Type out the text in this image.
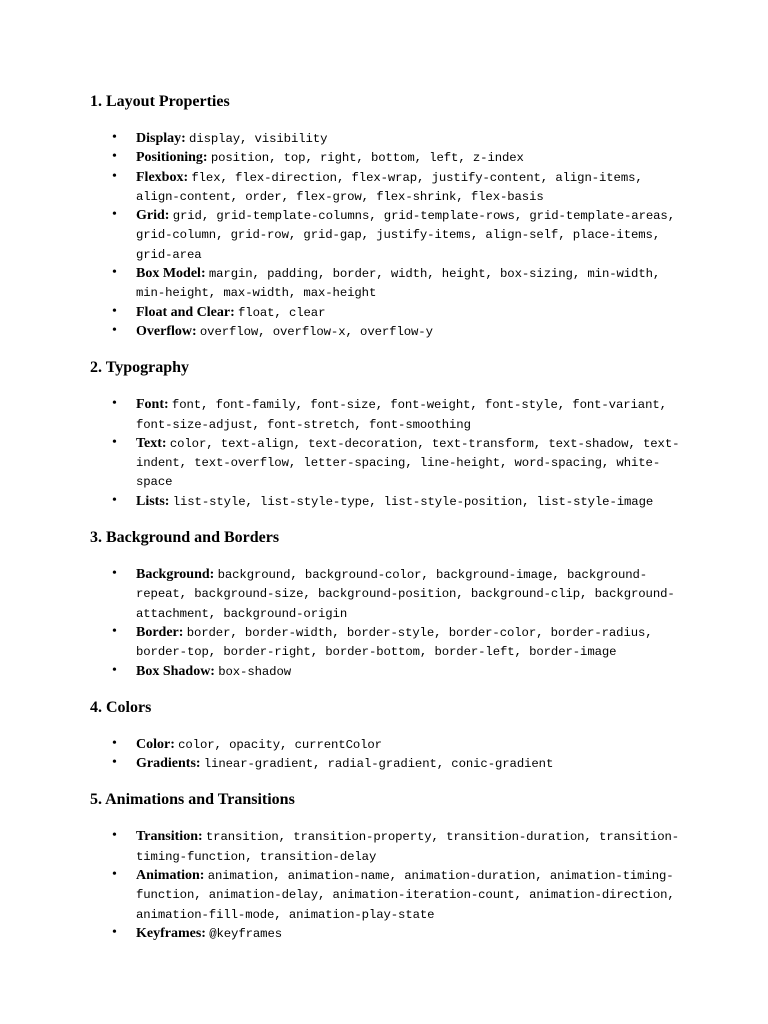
1. Layout Properties
• Display: display, visibility
• Positioning: position, top, right, bottom, left, z-index
• Flexbox: flex, flex-direction, flex-wrap, justify-content, align-items, align-content, order, flex-grow, flex-shrink, flex-basis
• Grid: grid, grid-template-columns, grid-template-rows, grid-template-areas, grid-column, grid-row, grid-gap, justify-items, align-self, place-items, grid-area
• Box Model: margin, padding, border, width, height, box-sizing, min-width, min-height, max-width, max-height
• Float and Clear: float, clear
• Overflow: overflow, overflow-x, overflow-y
2. Typography
• Font: font, font-family, font-size, font-weight, font-style, font-variant, font-size-adjust, font-stretch, font-smoothing
• Text: color, text-align, text-decoration, text-transform, text-shadow, text-indent, text-overflow, letter-spacing, line-height, word-spacing, white-space
• Lists: list-style, list-style-type, list-style-position, list-style-image
3. Background and Borders
• Background: background, background-color, background-image, background-repeat, background-size, background-position, background-clip, background-attachment, background-origin
• Border: border, border-width, border-style, border-color, border-radius, border-top, border-right, border-bottom, border-left, border-image
• Box Shadow: box-shadow
4. Colors
• Color: color, opacity, currentColor
• Gradients: linear-gradient, radial-gradient, conic-gradient
5. Animations and Transitions
• Transition: transition, transition-property, transition-duration, transition-timing-function, transition-delay
• Animation: animation, animation-name, animation-duration, animation-timing-function, animation-delay, animation-iteration-count, animation-direction, animation-fill-mode, animation-play-state
• Keyframes: @keyframes
